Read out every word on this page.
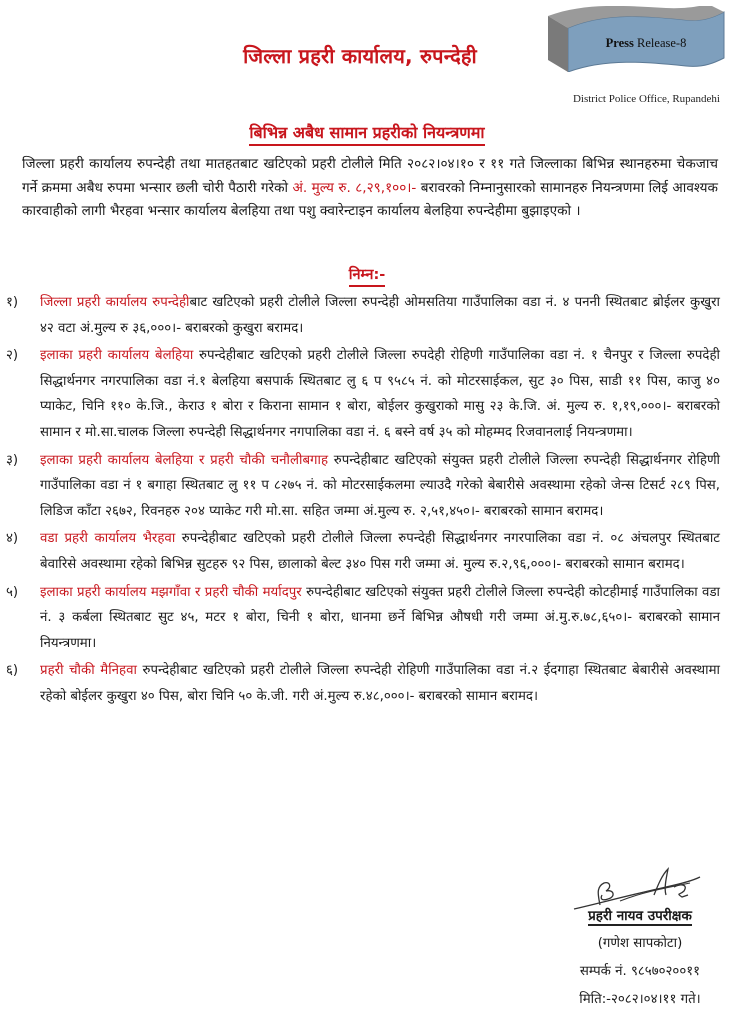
जिल्ला प्रहरी कार्यालय, रुपन्देही
Press Release-8
District Police Office, Rupandehi
बिभिन्न अबैध सामान प्रहरीको नियन्त्रणमा
जिल्ला प्रहरी कार्यालय रुपन्देही तथा मातहतबाट खटिएको प्रहरी टोलीले मिति २०८२।०४।१० र ११ गते जिल्लाका बिभिन्न स्थानहरुमा चेकजाच गर्ने क्रममा अबैध रुपमा भन्सार छली चोरी पैठारी गरेको अं. मुल्य रु. ८,२९,१००।- बरावरको निम्नानुसारको सामानहरु नियन्त्रणमा लिई आवश्यक कारवाहीको लागी भैरहवा भन्सार कार्यालय बेलहिया तथा पशु क्वारेन्टाइन कार्यालय बेलहिया रुपन्देहीमा बुझाइएको ।
निम्न:-
१) जिल्ला प्रहरी कार्यालय रुपन्देहीबाट खटिएको प्रहरी टोलीले जिल्ला रुपन्देही ओमसतिया गाउँपालिका वडा नं. ४ पननी स्थितबाट ब्रोईलर कुखुरा ४२ वटा अं.मुल्य रु ३६,०००।- बराबरको कुखुरा बरामद।
२) इलाका प्रहरी कार्यालय बेलहिया रुपन्देहीबाट खटिएको प्रहरी टोलीले जिल्ला रुपदेही रोहिणी गाउँपालिका वडा नं. १ चैनपुर र जिल्ला रुपदेही सिद्धार्थनगर नगरपालिका वडा नं.१ बेलहिया बसपार्क स्थितबाट लु ६ प ९५८५ नं. को मोटरसाईकल, सुट ३० पिस, साडी ११ पिस, काजु ४० प्याकेट, चिनि ११० के.जि., केराउ १ बोरा र किराना सामान १ बोरा, बोईलर कुखुराको मासु २३ के.जि. अं. मुल्य रु. १,१९,०००।- बराबरको सामान र मो.सा.चालक जिल्ला रुपन्देही सिद्धार्थनगर नगपालिका वडा नं. ६ बस्ने वर्ष ३५ को मोहम्मद रिजवानलाई नियन्त्रणमा।
३) इलाका प्रहरी कार्यालय बेलहिया र प्रहरी चौकी चनौलीबगाह रुपन्देहीबाट खटिएको संयुक्त प्रहरी टोलीले जिल्ला रुपन्देही सिद्धार्थनगर रोहिणी गाउँपालिका वडा नं १ बगाहा स्थितबाट लु ११ प ८२७५ नं. को मोटरसाईकलमा ल्याउदै गरेको बेबारीसे अवस्थामा रहेको जेन्स टिसर्ट २८९ पिस, लिडिज काँटा २६७२, रिवनहरु २०४ प्याकेट गरी मो.सा. सहित जम्मा अं.मुल्य रु. २,५१,४५०।- बराबरको सामान बरामद।
४) वडा प्रहरी कार्यालय भैरहवा रुपन्देहीबाट खटिएको प्रहरी टोलीले जिल्ला रुपन्देही सिद्धार्थनगर नगरपालिका वडा नं. ०८ अंचलपुर स्थितबाट बेवारिसे अवस्थामा रहेको बिभिन्न सुटहरु ९२ पिस, छालाको बेल्ट ३४० पिस गरी जम्मा अं. मुल्य रु.२,९६,०००।- बराबरको सामान बरामद।
५) इलाका प्रहरी कार्यालय मझगाँवा र प्रहरी चौकी मर्यादपुर रुपन्देहीबाट खटिएको संयुक्त प्रहरी टोलीले जिल्ला रुपन्देही कोटहीमाई गाउँपालिका वडा नं. ३ कर्बला स्थितबाट सुट ४५, मटर १ बोरा, चिनी १ बोरा, धानमा छर्ने बिभिन्न औषधी गरी जम्मा अं.मु.रु.७८,६५०।- बराबरको सामान नियन्त्रणमा।
६) प्रहरी चौकी मैनिहवा रुपन्देहीबाट खटिएको प्रहरी टोलीले जिल्ला रुपन्देही रोहिणी गाउँपालिका वडा नं.२ ईदगाहा स्थितबाट बेबारीसे अवस्थामा रहेको बोईलर कुखुरा ४० पिस, बोरा चिनि ५० के.जी. गरी अं.मुल्य रु.४८,०००।- बराबरको सामान बरामद।
प्रहरी नायव उपरीक्षक
(गणेश सापकोटा)
सम्पर्क नं. ९८५७०२००११
मिति:-२०८२।०४।११ गते।
